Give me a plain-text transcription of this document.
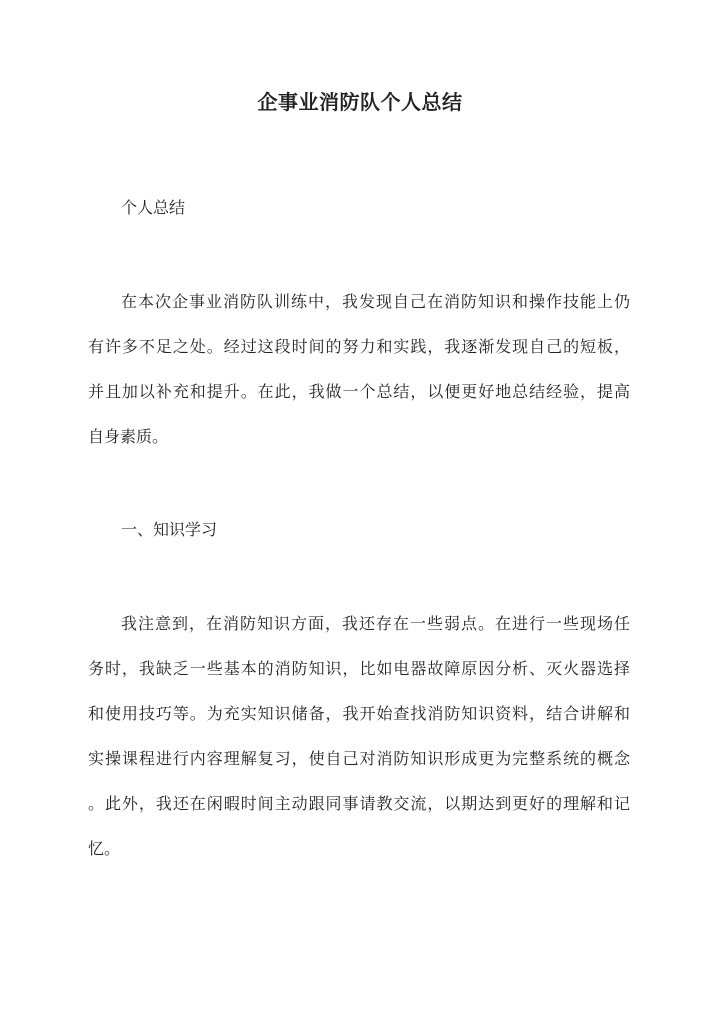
企事业消防队个人总结

个人总结

在本次企事业消防队训练中，我发现自己在消防知识和操作技能上仍
有许多不足之处。经过这段时间的努力和实践，我逐渐发现自己的短板，
并且加以补充和提升。在此，我做一个总结，以便更好地总结经验，提高
自身素质。

一、知识学习

我注意到，在消防知识方面，我还存在一些弱点。在进行一些现场任
务时，我缺乏一些基本的消防知识，比如电器故障原因分析、灭火器选择
和使用技巧等。为充实知识储备，我开始查找消防知识资料，结合讲解和
实操课程进行内容理解复习，使自己对消防知识形成更为完整系统的概念
。此外，我还在闲暇时间主动跟同事请教交流，以期达到更好的理解和记
忆。
